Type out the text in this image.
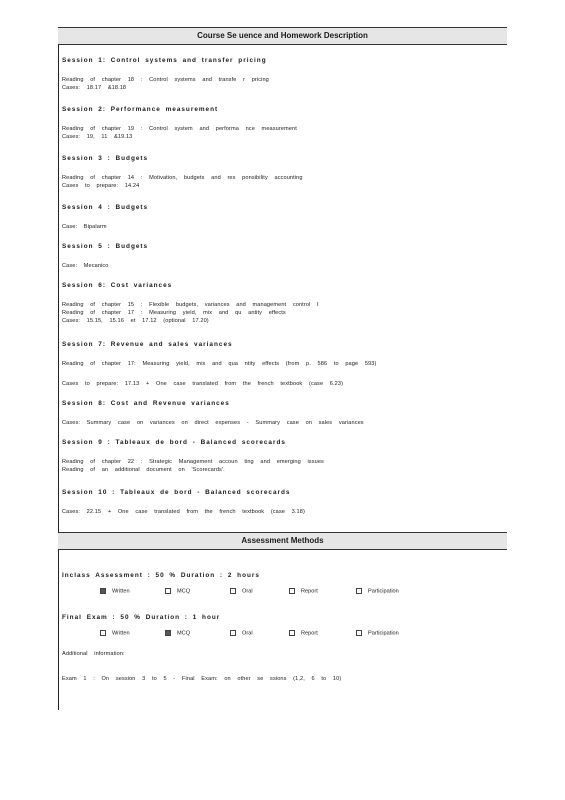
Course Se uence and Homework Description
Session 1: Control systems and transfer pricing
Reading of chapter 18 : Control systems and transfe r pricing
Cases: 18.17 &18.18
Session 2: Performance measurement
Reading of chapter 19 : Control system and performa nce measurement
Cases: 19, 11 &19.13
Session 3 : Budgets
Reading of chapter 14 : Motivation, budgets and res ponsibility accounting
Cases to prepare: 14.24
Session 4 : Budgets
Case: Bipalarm
Session 5 : Budgets
Case: Mecanico
Session 6: Cost variances
Reading of chapter 15 : Flexible budgets, variances and management control I
Reading of chapter 17 : Measuring yield, mix and qu antity effects
Cases: 15.15, 15.16 et 17.12 (optional 17.20)
Session 7: Revenue and sales variances
Reading of chapter 17: Measuring yield, mix and qua ntity effects (from p. 586 to page 593)
Cases to prepare: 17.13 + One case translated from the french textbook (case 6.23)
Session 8: Cost and Revenue variances
Cases: Summary case on variances on direct expenses - Summary case on sales variances
Session 9 : Tableaux de bord - Balanced scorecards
Reading of chapter 22 : Strategic Management accoun ting and emerging issues
Reading of an additional document on 'Scorecards'.
Session 10 : Tableaux de bord - Balanced scorecards
Cases: 22.15 + One case translated from the french textbook (case 3.18)
Assessment Methods
Inclass Assessment : 50 % Duration : 2 hours
Written	MCQ	Oral	Report	Participation
Final Exam : 50 % Duration : 1 hour
Written	MCQ	Oral	Report	Participation
Additional information:
Exam 1 : On session 3 to 5 - Final Exam: on other se ssions (1,2, 6 to 10)
